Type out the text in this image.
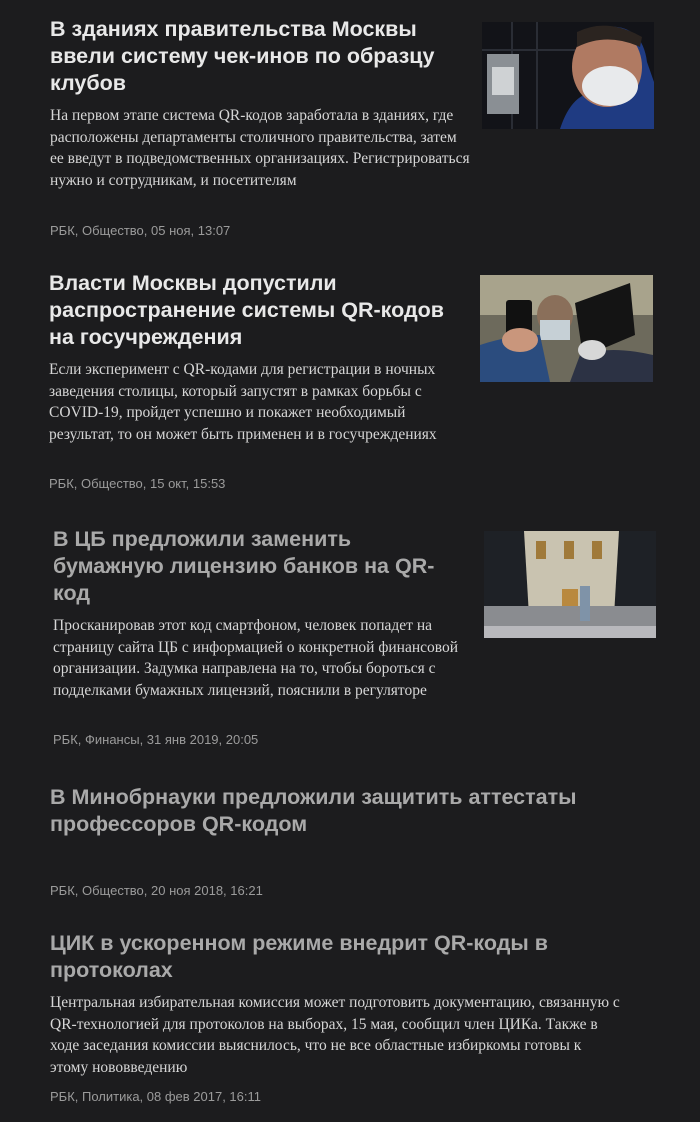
В зданиях правительства Москвы ввели систему чек-инов по образцу клубов
На первом этапе система QR-кодов заработала в зданиях, где расположены департаменты столичного правительства, затем ее введут в подведомственных организациях. Регистрироваться нужно и сотрудникам, и посетителям
РБК, Общество, 05 ноя, 13:07
Власти Москвы допустили распространение системы QR-кодов на госучреждения
Если эксперимент с QR-кодами для регистрации в ночных заведения столицы, который запустят в рамках борьбы с COVID-19, пройдет успешно и покажет необходимый результат, то он может быть применен и в госучреждениях
РБК, Общество, 15 окт, 15:53
В ЦБ предложили заменить бумажную лицензию банков на QR-код
Просканировав этот код смартфоном, человек попадет на страницу сайта ЦБ с информацией о конкретной финансовой организации. Задумка направлена на то, чтобы бороться с подделками бумажных лицензий, пояснили в регуляторе
РБК, Финансы, 31 янв 2019, 20:05
В Минобрнауки предложили защитить аттестаты профессоров QR-кодом
РБК, Общество, 20 ноя 2018, 16:21
ЦИК в ускоренном режиме внедрит QR-коды в протоколах
Центральная избирательная комиссия может подготовить документацию, связанную с QR-технологией для протоколов на выборах, 15 мая, сообщил член ЦИКа. Также в ходе заседания комиссии выяснилось, что не все областные избиркомы готовы к этому нововведению
РБК, Политика, 08 фев 2017, 16:11
